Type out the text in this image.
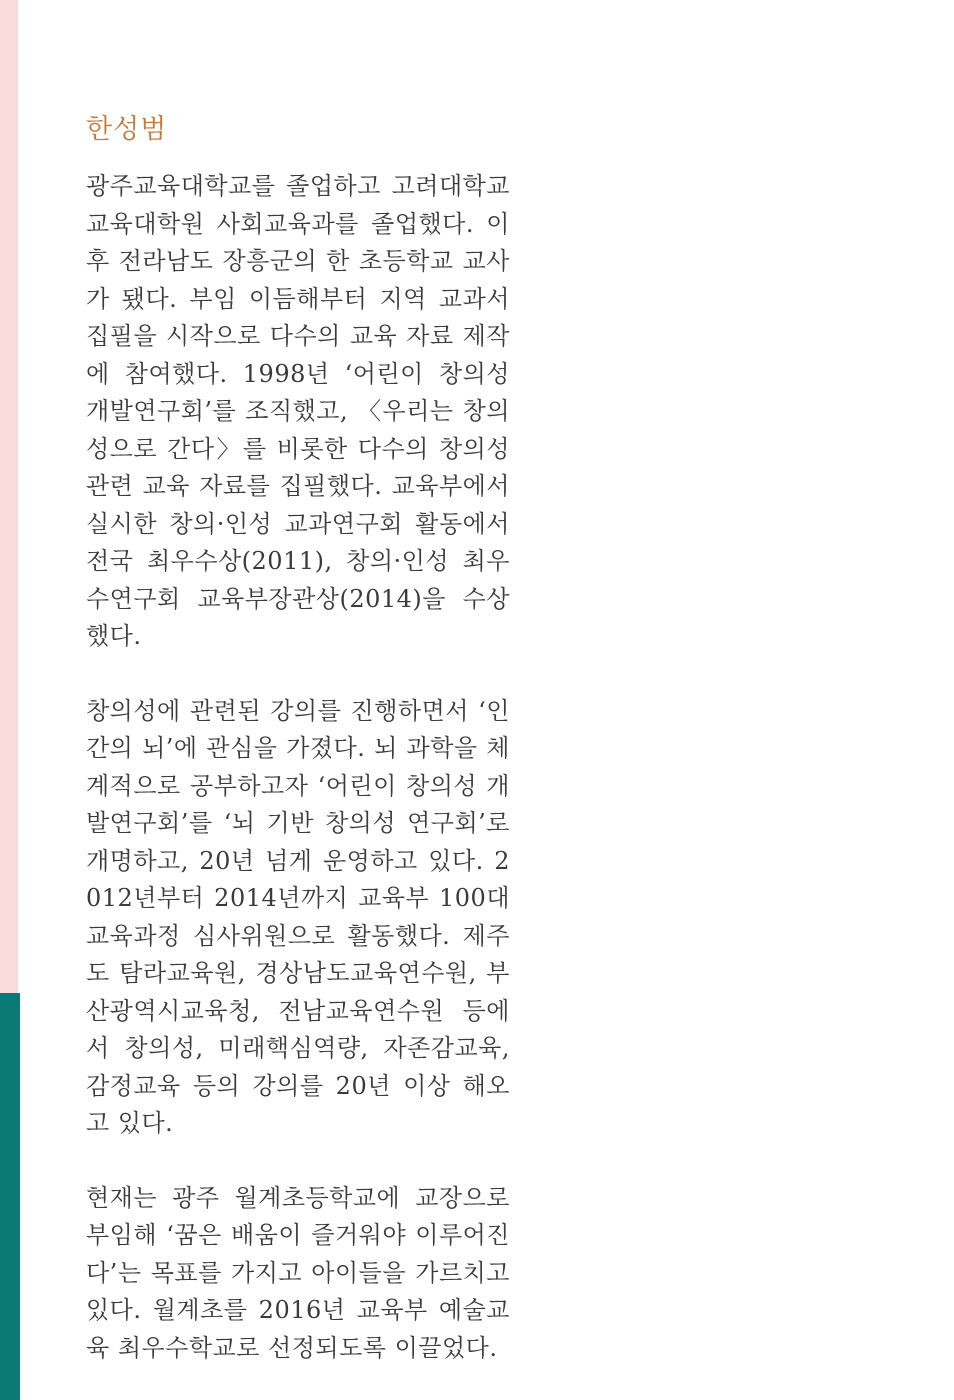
한성범

광주교육대학교를 졸업하고 고려대학교 교육대학원 사회교육과를 졸업했다. 이후 전라남도 장흥군의 한 초등학교 교사가 됐다. 부임 이듬해부터 지역 교과서 집필을 시작으로 다수의 교육 자료 제작에 참여했다. 1998년 ‘어린이 창의성 개발연구회’를 조직했고, 〈우리는 창의성으로 간다〉를 비롯한 다수의 창의성 관련 교육 자료를 집필했다. 교육부에서 실시한 창의·인성 교과연구회 활동에서 전국 최우수상(2011), 창의·인성 최우수연구회 교육부장관상(2014)을 수상했다.

창의성에 관련된 강의를 진행하면서 ‘인간의 뇌’에 관심을 가졌다. 뇌 과학을 체계적으로 공부하고자 ‘어린이 창의성 개발연구회’를 ‘뇌 기반 창의성 연구회’로 개명하고, 20년 넘게 운영하고 있다. 2012년부터 2014년까지 교육부 100대 교육과정 심사위원으로 활동했다. 제주도 탐라교육원, 경상남도교육연수원, 부산광역시교육청, 전남교육연수원 등에서 창의성, 미래핵심역량, 자존감교육, 감정교육 등의 강의를 20년 이상 해오고 있다.

현재는 광주 월계초등학교에 교장으로 부임해 ‘꿈은 배움이 즐거워야 이루어진다’는 목표를 가지고 아이들을 가르치고 있다. 월계초를 2016년 교육부 예술교육 최우수학교로 선정되도록 이끌었다.
